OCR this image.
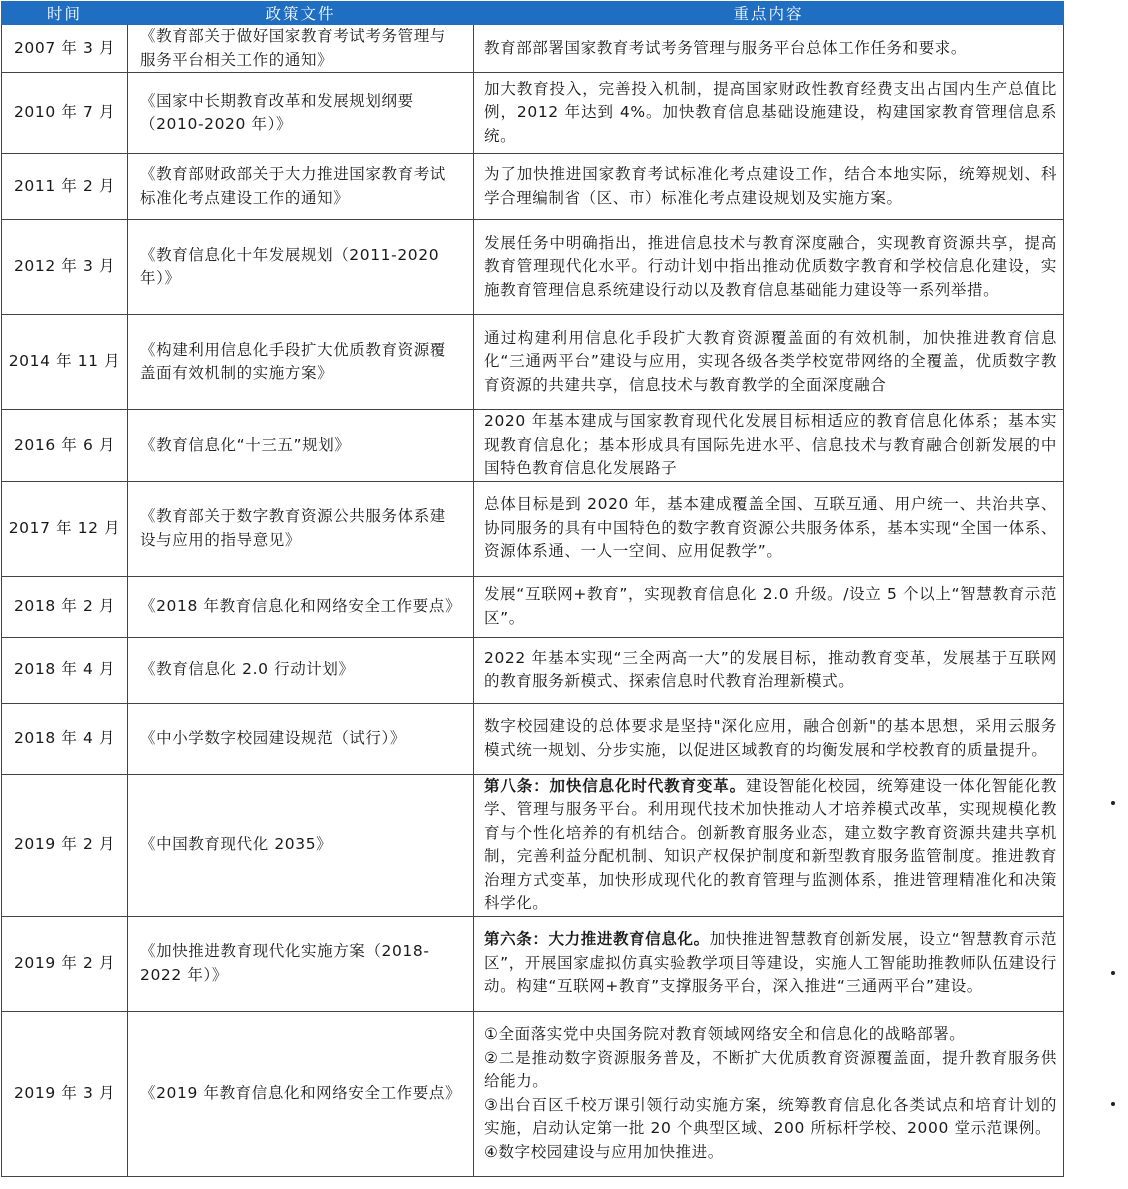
时间	政策文件	重点内容
2007 年 3 月	《教育部关于做好国家教育考试考务管理与服务平台相关工作的通知》	教育部部署国家教育考试考务管理与服务平台总体工作任务和要求。

2010 年 7 月	《国家中长期教育改革和发展规划纲要（2010-2020 年）》	加大教育投入，完善投入机制，提高国家财政性教育经费支出占国内生产总值比例，2012 年达到 4%。加快教育信息基础设施建设，构建国家教育管理信息系统。

2011 年 2 月	《教育部财政部关于大力推进国家教育考试标准化考点建设工作的通知》	为了加快推进国家教育考试标准化考点建设工作，结合本地实际，统筹规划、科学合理编制省（区、市）标准化考点建设规划及实施方案。

2012 年 3 月	《教育信息化十年发展规划（2011-2020 年）》	发展任务中明确指出，推进信息技术与教育深度融合，实现教育资源共享，提高教育管理现代化水平。行动计划中指出推动优质数字教育和学校信息化建设，实施教育管理信息系统建设行动以及教育信息基础能力建设等一系列举措。

2014 年 11 月	《构建利用信息化手段扩大优质教育资源覆盖面有效机制的实施方案》	通过构建利用信息化手段扩大教育资源覆盖面的有效机制，加快推进教育信息化“三通两平台”建设与应用，实现各级各类学校宽带网络的全覆盖，优质数字教育资源的共建共享，信息技术与教育教学的全面深度融合

2016 年 6 月	《教育信息化“十三五”规划》	2020 年基本建成与国家教育现代化发展目标相适应的教育信息化体系；基本实现教育信息化；基本形成具有国际先进水平、信息技术与教育融合创新发展的中国特色教育信息化发展路子

2017 年 12 月	《教育部关于数字教育资源公共服务体系建设与应用的指导意见》	总体目标是到 2020 年，基本建成覆盖全国、互联互通、用户统一、共治共享、协同服务的具有中国特色的数字教育资源公共服务体系，基本实现“全国一体系、资源体系通、一人一空间、应用促教学”。

2018 年 2 月	《2018 年教育信息化和网络安全工作要点》	发展“互联网+教育”，实现教育信息化 2.0 升级。/设立 5 个以上“智慧教育示范区”。

2018 年 4 月	《教育信息化 2.0 行动计划》	2022 年基本实现“三全两高一大”的发展目标，推动教育变革，发展基于互联网的教育服务新模式、探索信息时代教育治理新模式。

2018 年 4 月	《中小学数字校园建设规范（试行）》	数字校园建设的总体要求是坚持"深化应用，融合创新"的基本思想，采用云服务模式统一规划、分步实施，以促进区域教育的均衡发展和学校教育的质量提升。

2019 年 2 月	《中国教育现代化 2035》	第八条：加快信息化时代教育变革。建设智能化校园，统筹建设一体化智能化教学、管理与服务平台。利用现代技术加快推动人才培养模式改革，实现规模化教育与个性化培养的有机结合。创新教育服务业态，建立数字教育资源共建共享机制，完善利益分配机制、知识产权保护制度和新型教育服务监管制度。推进教育治理方式变革，加快形成现代化的教育管理与监测体系，推进管理精准化和决策科学化。

2019 年 2 月	《加快推进教育现代化实施方案（2018-2022 年）》	第六条：大力推进教育信息化。加快推进智慧教育创新发展，设立“智慧教育示范区”，开展国家虚拟仿真实验教学项目等建设，实施人工智能助推教师队伍建设行动。构建“互联网+教育”支撑服务平台，深入推进“三通两平台”建设。

2019 年 3 月	《2019 年教育信息化和网络安全工作要点》	①全面落实党中央国务院对教育领域网络安全和信息化的战略部署。
②二是推动数字资源服务普及，不断扩大优质教育资源覆盖面，提升教育服务供给能力。
③出台百区千校万课引领行动实施方案，统筹教育信息化各类试点和培育计划的实施，启动认定第一批 20 个典型区域、200 所标杆学校、2000 堂示范课例。
④数字校园建设与应用加快推进。
